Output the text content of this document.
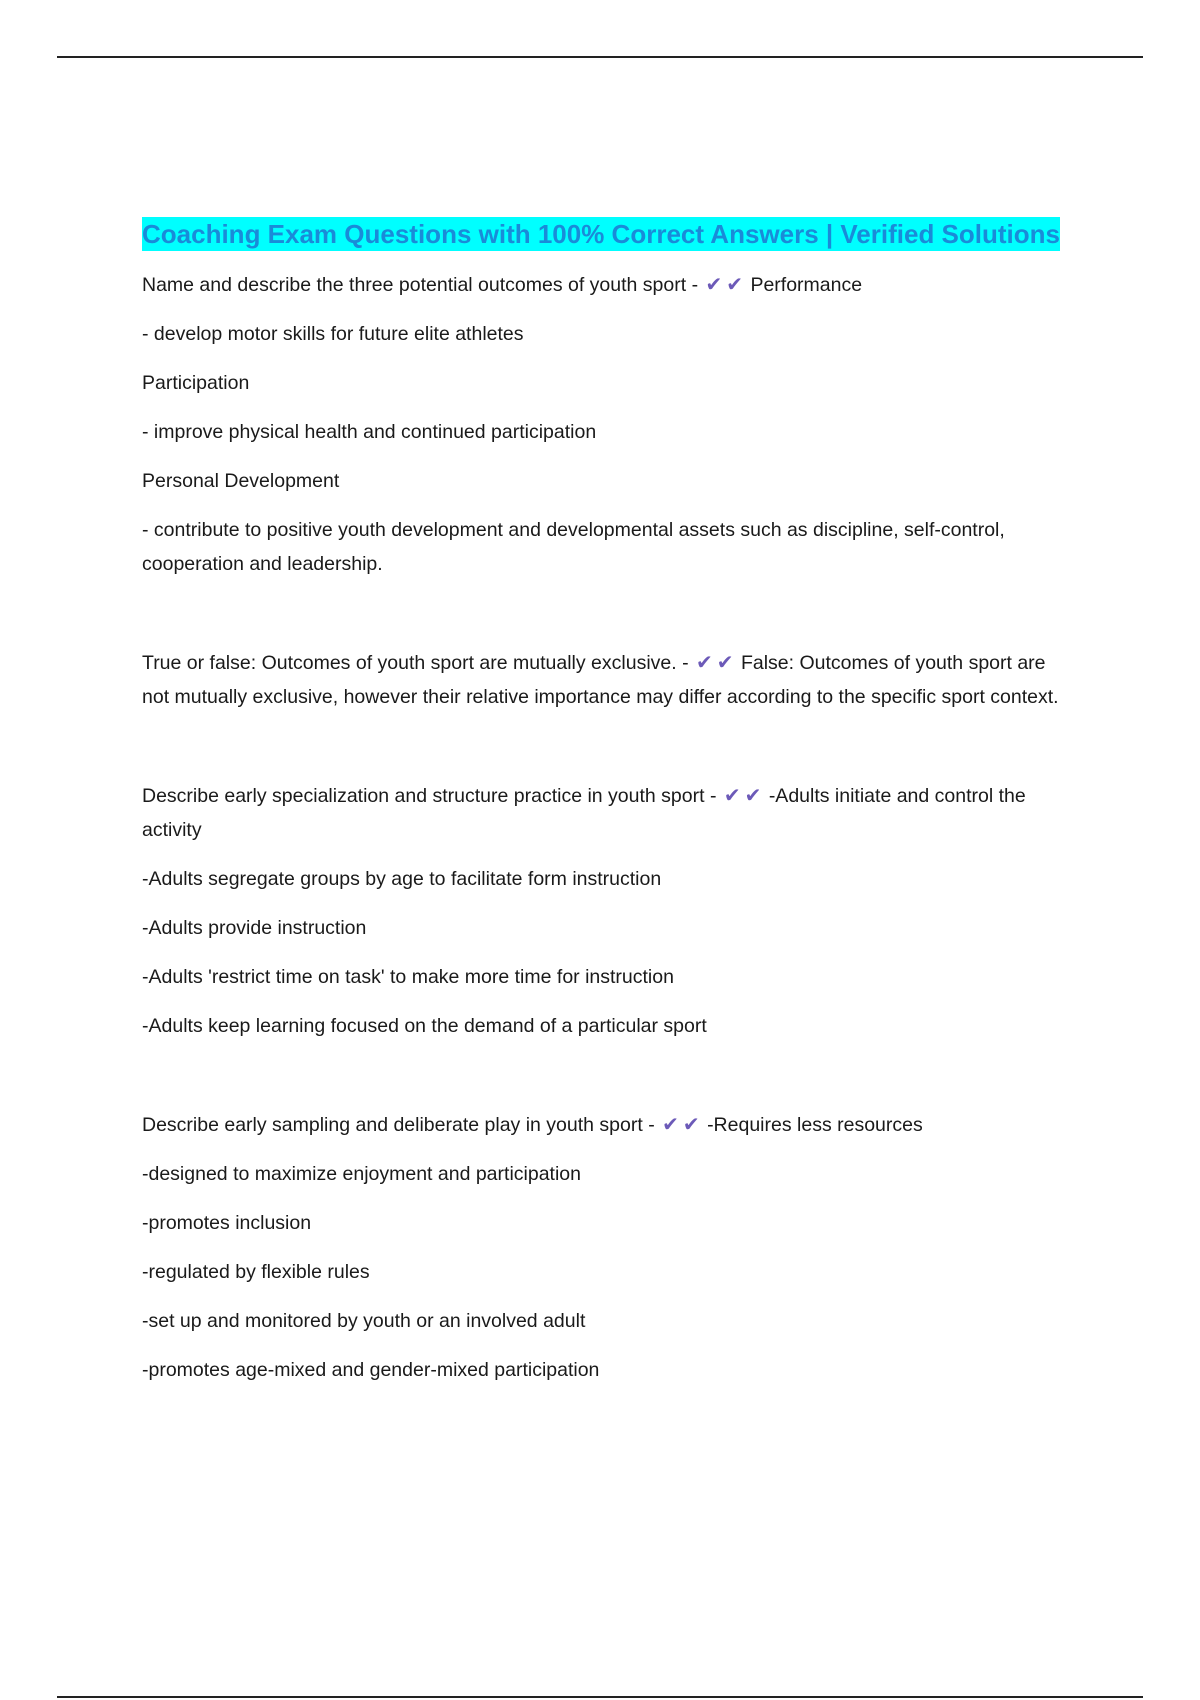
Coaching Exam Questions with 100% Correct Answers | Verified Solutions

Name and describe the three potential outcomes of youth sport - ✔ ✔ Performance

- develop motor skills for future elite athletes

Participation

- improve physical health and continued participation

Personal Development

- contribute to positive youth development and developmental assets such as discipline, self-control, cooperation and leadership.

True or false: Outcomes of youth sport are mutually exclusive. - ✔ ✔ False: Outcomes of youth sport are not mutually exclusive, however their relative importance may differ according to the specific sport context.

Describe early specialization and structure practice in youth sport - ✔ ✔ -Adults initiate and control the activity

-Adults segregate groups by age to facilitate form instruction

-Adults provide instruction

-Adults 'restrict time on task' to make more time for instruction

-Adults keep learning focused on the demand of a particular sport

Describe early sampling and deliberate play in youth sport - ✔ ✔ -Requires less resources

-designed to maximize enjoyment and participation

-promotes inclusion

-regulated by flexible rules

-set up and monitored by youth or an involved adult

-promotes age-mixed and gender-mixed participation
